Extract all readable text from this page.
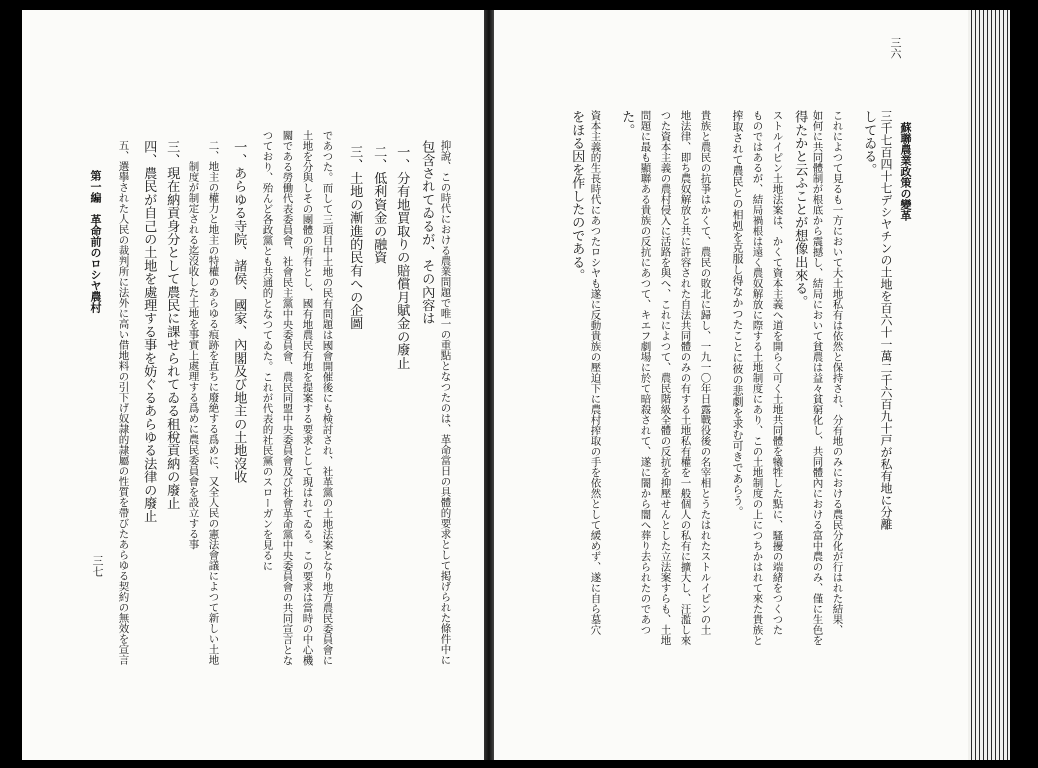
三六
蘇聯農業政策の變革
三千七百四十七デシヤチンの土地を百六十一萬二千六百九十戸が私有地に分離
してゐる。
これによつて見るも一方において大土地私有は依然と保持され、分有地のみにおける農民分化が行はれた結果、
如何に共同體制が根底から震撼し、結局において貧農は益々貧窮化し、共同體內における富中農のみ、僅に生色を
得たかと云ふことが想像出來る。
ストルイピン土地法案は、かくて資本主義へ道を開らく可く土地共同體を犧牲した點に、騷擾の端緒をつくつた
ものではあるが、結局禍根は遠く農奴解放に際する土地制度にあり、この土地制度の上につちかはれて來た貴族と
搾取されて農民との相剋を克服し得なかつたことに彼の悲劇を求む可きであらう。
貴族と農民の抗爭はかくて、農民の敗北に歸し、一九一〇年日露戰役後の名宰相とうたはれたストルイピンの土
地法律、即ち農奴解放と共に許容された自法共同體のみの有する土地私有權を一般個人の私有に擴大し、汪濫し來
つた資本主義の農村侵入に活路を與へ、これによつて、農民階級全體の反抗を抑壓せんとした立法案すらも、土地
問題に最も顯聯ある貴族の反抗にあつて、キエフ劇場に於て暗殺されて、遂に闇から闇へ葬り去られたのであつ
た。
資本主義的生長時代にあつたロシヤも遂に反動貴族の壓迫下に農村搾取の手を依然として緩めず、遂に自ら墓穴
をほる因を作したのである。
抑說、この時代における農業問題で唯一の重點となつたのは、革命當日の具體的要求として掲げられた條件中に
包含されてゐるが、その內容は
一、分有地買取りの賠償月賦金の廢止
二、低利資金の融資
三、土地の漸進的民有への企圖
であつた。而して三項目中土地の民有問題は國會開催後にも検討され、社革黨の土地法案となり地方農民委員會に
土地を分與しその團體の所有とし、國有地農民有地を提案する要求として現はれてゐる。この要求は當時の中心機
關である勞働代表委員會、社會民主黨中央委員會、農民同盟中央委員會及び社會革命黨中央委員會の共同宣言とな
つており、殆んど各政黨とも共通的となつてゐた。これが代表的社民黨のスローガンを見るに
一、あらゆる寺院、諸侯、國家、內閣及び地主の土地沒收
二、地主の權力と地主の特權のあらゆる痕跡を直ちに廢絶する爲めに、又全人民の憲法會議によつて新しい土地
　　制度が制定される迄沒收した土地を事實上處理する爲めに農民委員會を設立する事
三、現在納貢身分として農民に課せられてゐる租稅貢納の廢止
四、農民が自己の土地を處理する事を妨ぐるあらゆる法律の廢止
五、選擧された人民の裁判所に法外に高い借地料の引下げ奴隷的隷屬の性質を帶びたあらゆる契約の無效を宣言
第一編　革命前のロシヤ農村
三七
